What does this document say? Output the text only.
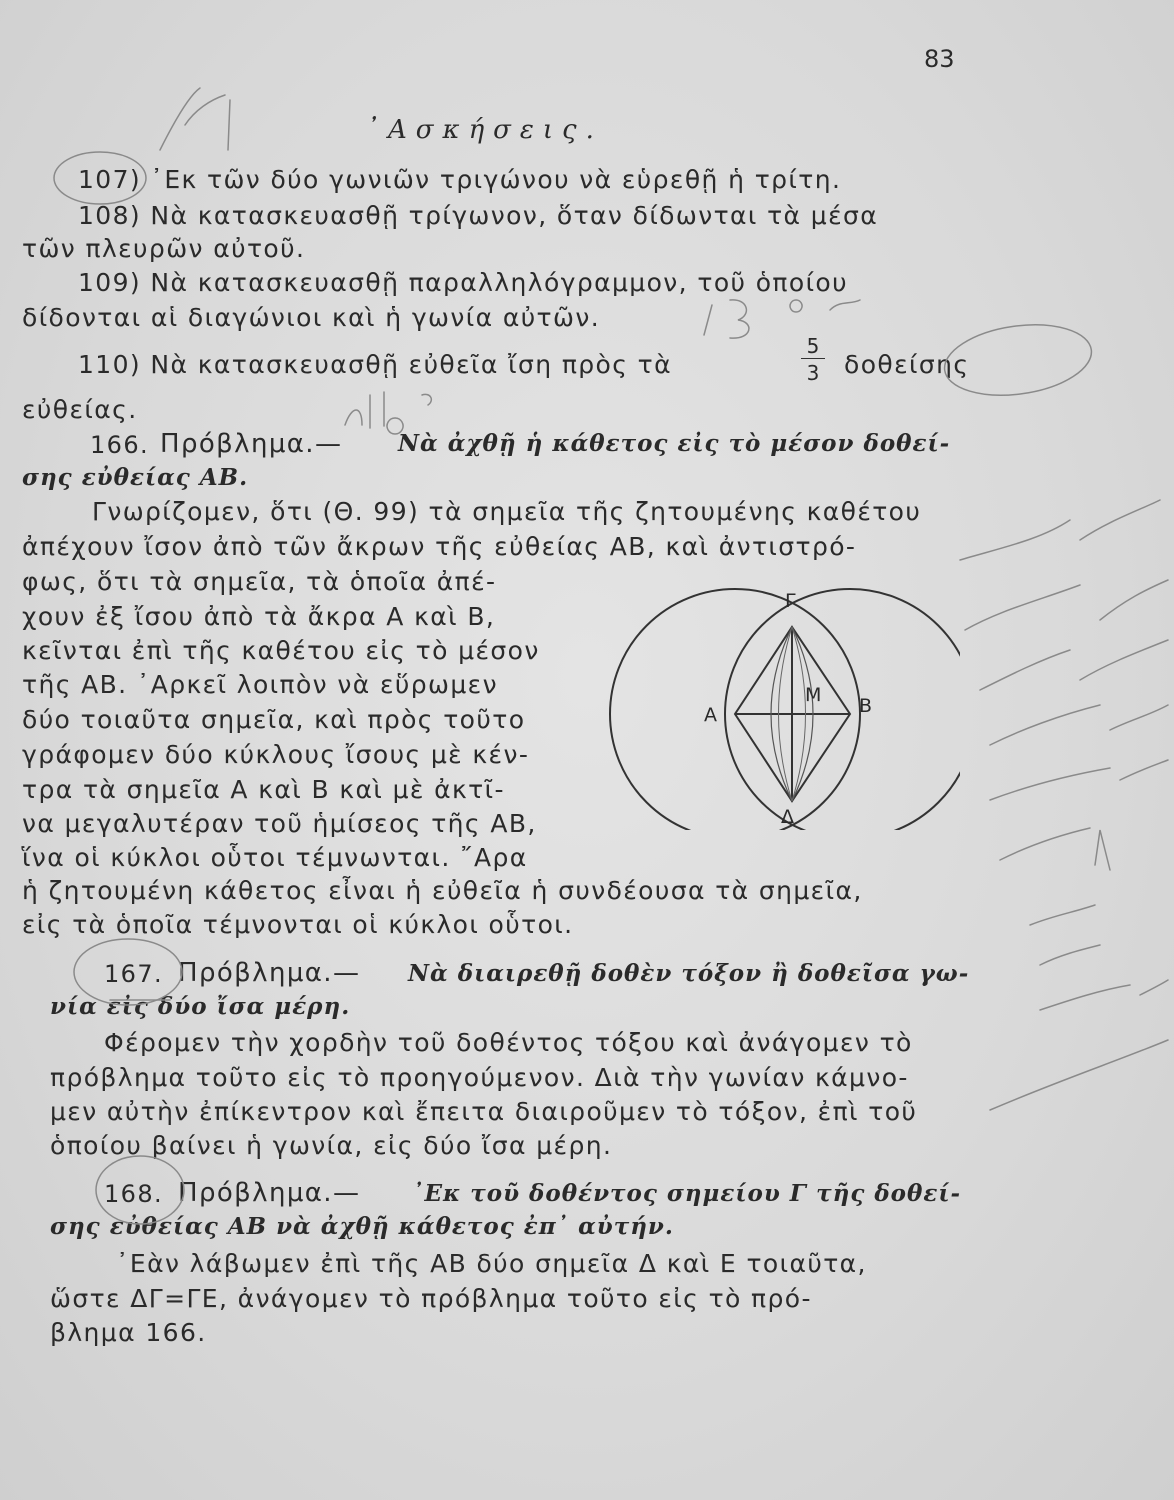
83
᾿Ασκήσεις.
107) ᾿Εκ τῶν δύο γωνιῶν τριγώνου νὰ εὑρεθῇ ἡ τρίτη.
108) Νὰ κατασκευασθῇ τρίγωνον, ὅταν δίδωνται τὰ μέσα
τῶν πλευρῶν αὐτοῦ.
109) Νὰ κατασκευασθῇ παραλληλόγραμμον, τοῦ ὁποίου
δίδονται αἱ διαγώνιοι καὶ ἡ γωνία αὐτῶν.
110) Νὰ κατασκευασθῇ εὐθεῖα ἴση πρὸς τὰ
5
3 δοθείσης
εὐθείας.
166. Πρόβλημα.— Νὰ ἀχθῇ ἡ κάθετος εἰς τὸ μέσον δοθεί-
σης εὐθείας ΑΒ.
Γνωρίζομεν, ὅτι (Θ. 99) τὰ σημεῖα τῆς ζητουμένης καθέτου
ἀπέχουν ἴσον ἀπὸ τῶν ἄκρων τῆς εὐθείας ΑΒ, καὶ ἀντιστρό-
φως, ὅτι τὰ σημεῖα, τὰ ὁποῖα ἀπέ-
χουν ἐξ ἴσου ἀπὸ τὰ ἄκρα Α καὶ Β,
κεῖνται ἐπὶ τῆς καθέτου εἰς τὸ μέσον
τῆς ΑΒ. ᾿Αρκεῖ λοιπὸν νὰ εὕρωμεν
δύο τοιαῦτα σημεῖα, καὶ πρὸς τοῦτο
γράφομεν δύο κύκλους ἴσους μὲ κέν-
τρα τὰ σημεῖα Α καὶ Β καὶ μὲ ἀκτῖ-
να μεγαλυτέραν τοῦ ἡμίσεος τῆς ΑΒ,
ἵνα οἱ κύκλοι οὗτοι τέμνωνται. ῎Αρα
ἡ ζητουμένη κάθετος εἶναι ἡ εὐθεῖα ἡ συνδέουσα τὰ σημεῖα,
εἰς τὰ ὁποῖα τέμνονται οἱ κύκλοι οὗτοι.
Γ
Α
Μ Β
Δ
167. Πρόβλημα.— Νὰ διαιρεθῇ δοθὲν τόξον ἢ δοθεῖσα γω-
νία εἰς δύο ἴσα μέρη.
Φέρομεν τὴν χορδὴν τοῦ δοθέντος τόξου καὶ ἀνάγομεν τὸ
πρόβλημα τοῦτο εἰς τὸ προηγούμενον. Διὰ τὴν γωνίαν κάμνο-
μεν αὐτὴν ἐπίκεντρον καὶ ἔπειτα διαιροῦμεν τὸ τόξον, ἐπὶ τοῦ
ὁποίου βαίνει ἡ γωνία, εἰς δύο ἴσα μέρη.
168. Πρόβλημα.— ᾿Εκ τοῦ δοθέντος σημείου Γ τῆς δοθεί-
σης εὐθείας ΑΒ νὰ ἀχθῇ κάθετος ἐπ᾿ αὐτήν.
᾿Εὰν λάβωμεν ἐπὶ τῆς ΑΒ δύο σημεῖα Δ καὶ Ε τοιαῦτα,
ὥστε ΔΓ=ΓΕ, ἀνάγομεν τὸ πρόβλημα τοῦτο εἰς τὸ πρό-
βλημα 166.
